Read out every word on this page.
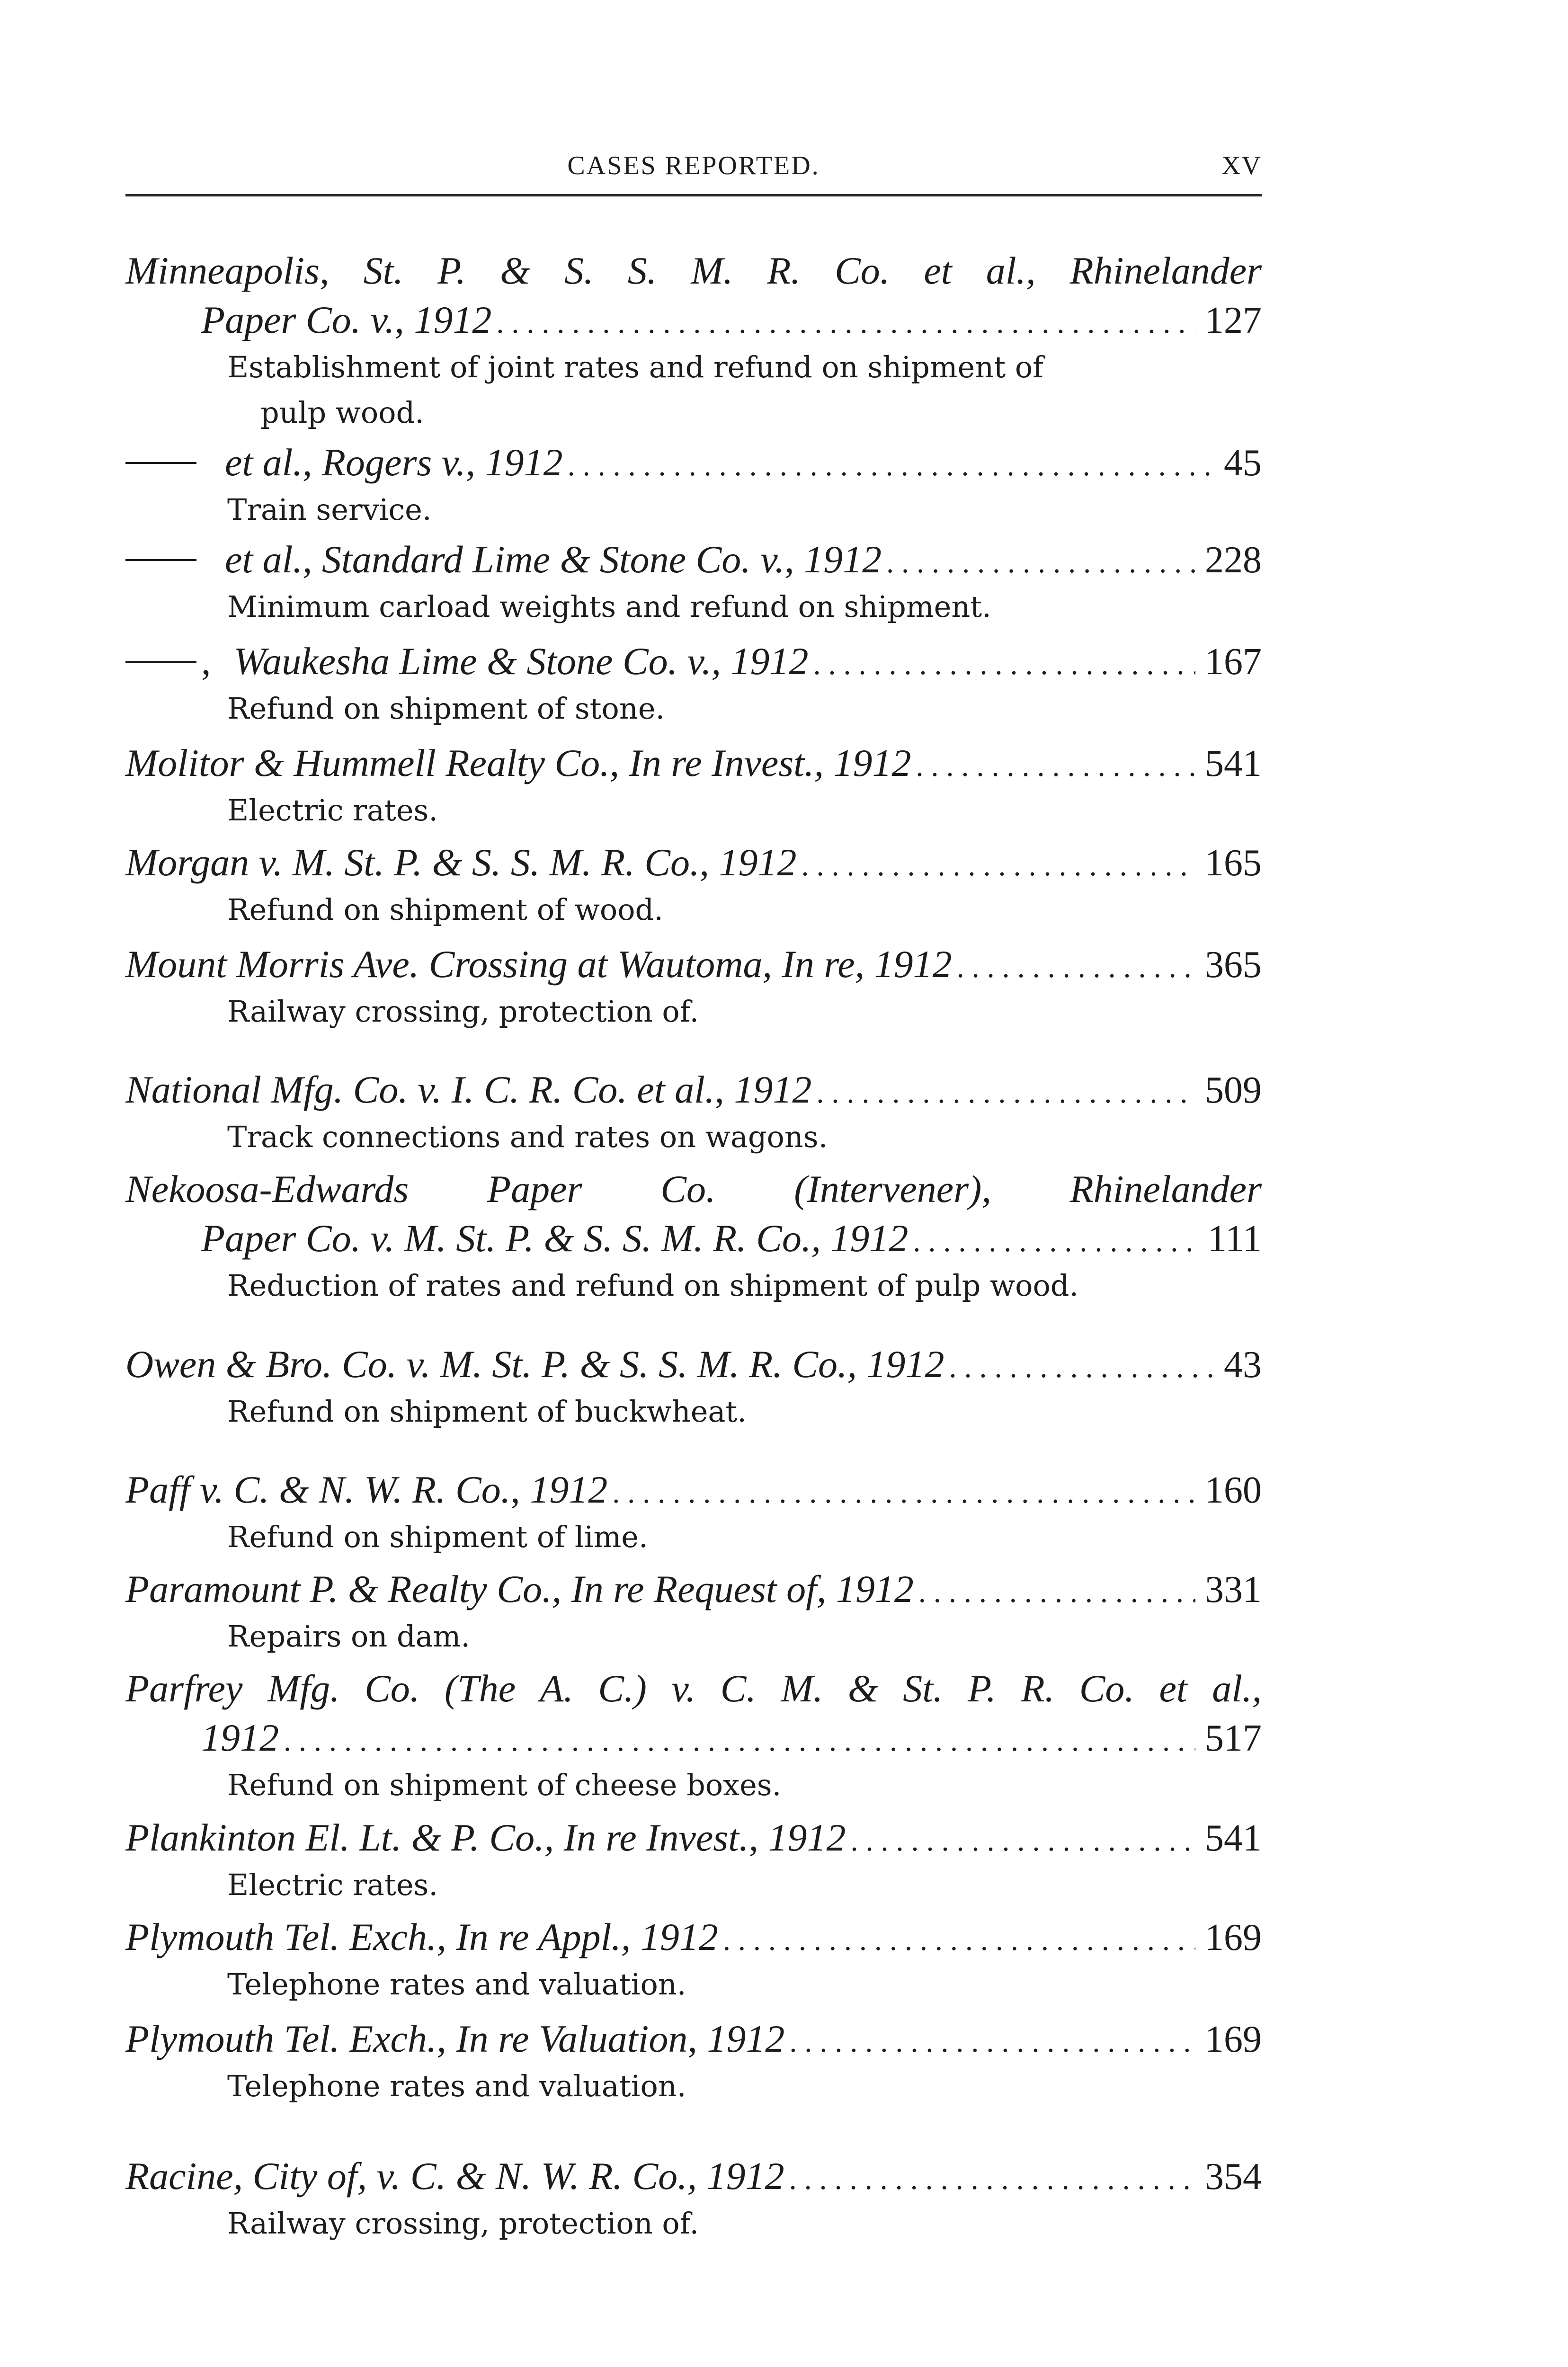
CASES REPORTED.	XV
Minneapolis, St. P. & S. S. M. R. Co. et al., Rhinelander
Paper Co. v., 1912 . . .	127
Establishment of joint rates and refund on shipment of
pulp wood.
et al., Rogers v., 1912 . . .	45
Train service.
et al., Standard Lime & Stone Co. v., 1912 . . .	228
Minimum carload weights and refund on shipment.
, Waukesha Lime & Stone Co. v., 1912 . . .	167
Refund on shipment of stone.
Molitor & Hummell Realty Co., In re Invest., 1912 . . .	541
Electric rates.
Morgan v. M. St. P. & S. S. M. R. Co., 1912 . . .	165
Refund on shipment of wood.
Mount Morris Ave. Crossing at Wautoma, In re, 1912 . . .	365
Railway crossing, protection of.
National Mfg. Co. v. I. C. R. Co. et al., 1912 . . .	509
Track connections and rates on wagons.
Nekoosa-Edwards Paper Co. (Intervener), Rhinelander
Paper Co. v. M. St. P. & S. S. M. R. Co., 1912 . . .	111
Reduction of rates and refund on shipment of pulp wood.
Owen & Bro. Co. v. M. St. P. & S. S. M. R. Co., 1912 . . .	43
Refund on shipment of buckwheat.
Paff v. C. & N. W. R. Co., 1912 . . .	160
Refund on shipment of lime.
Paramount P. & Realty Co., In re Request of, 1912 . . .	331
Repairs on dam.
Parfrey Mfg. Co. (The A. C.) v. C. M. & St. P. R. Co. et al.,
1912 . . .	517
Refund on shipment of cheese boxes.
Plankinton El. Lt. & P. Co., In re Invest., 1912 . . .	541
Electric rates.
Plymouth Tel. Exch., In re Appl., 1912 . . .	169
Telephone rates and valuation.
Plymouth Tel. Exch., In re Valuation, 1912 . . .	169
Telephone rates and valuation.
Racine, City of, v. C. & N. W. R. Co., 1912 . . .	354
Railway crossing, protection of.
